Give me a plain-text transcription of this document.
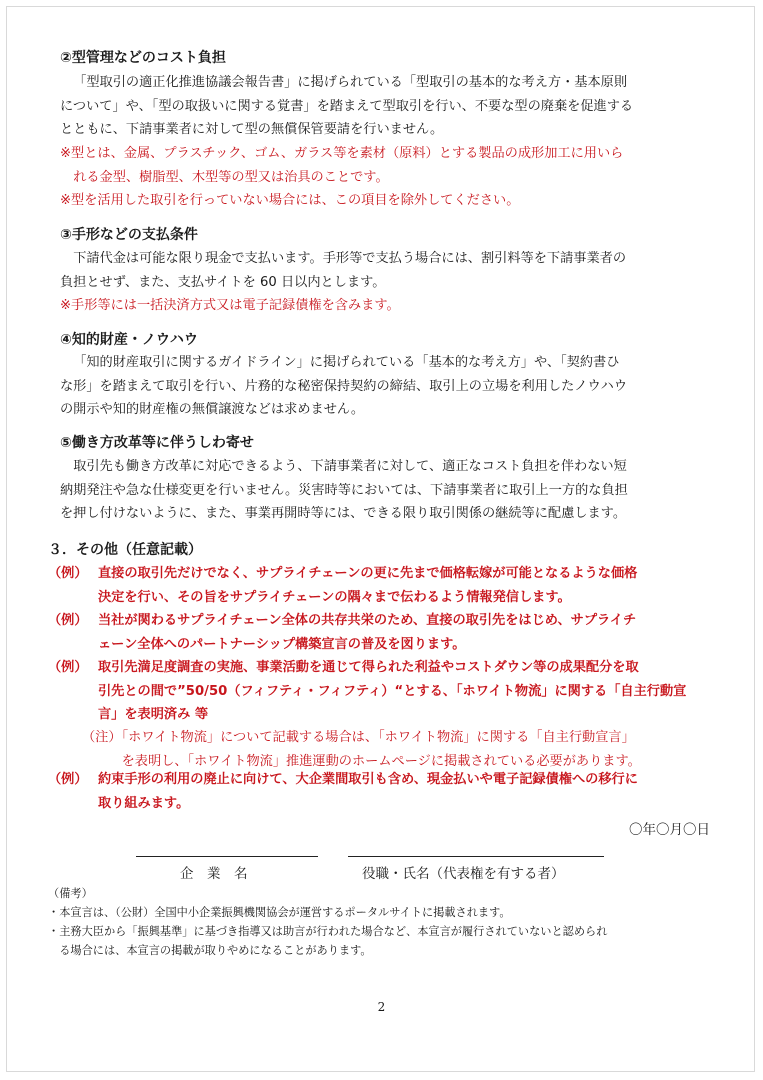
②型管理などのコスト負担
「型取引の適正化推進協議会報告書」に掲げられている「型取引の基本的な考え方・基本原則
について」や、「型の取扱いに関する覚書」を踏まえて型取引を行い、不要な型の廃棄を促進する
とともに、下請事業者に対して型の無償保管要請を行いません。
※型とは、金属、プラスチック、ゴム、ガラス等を素材（原料）とする製品の成形加工に用いら
れる金型、樹脂型、木型等の型又は治具のことです。
※型を活用した取引を行っていない場合には、この項目を除外してください。
③手形などの支払条件
下請代金は可能な限り現金で支払います。手形等で支払う場合には、割引料等を下請事業者の
負担とせず、また、支払サイトを 60 日以内とします。
※手形等には一括決済方式又は電子記録債権を含みます。
④知的財産・ノウハウ
「知的財産取引に関するガイドライン」に掲げられている「基本的な考え方」や、「契約書ひ
な形」を踏まえて取引を行い、片務的な秘密保持契約の締結、取引上の立場を利用したノウハウ
の開示や知的財産権の無償譲渡などは求めません。
⑤働き方改革等に伴うしわ寄せ
取引先も働き方改革に対応できるよう、下請事業者に対して、適正なコスト負担を伴わない短
納期発注や急な仕様変更を行いません。災害時等においては、下請事業者に取引上一方的な負担
を押し付けないように、また、事業再開時等には、できる限り取引関係の継続等に配慮します。
３．その他（任意記載）
（例） 直接の取引先だけでなく、サプライチェーンの更に先まで価格転嫁が可能となるような価格
決定を行い、その旨をサプライチェーンの隅々まで伝わるよう情報発信します。
（例） 当社が関わるサプライチェーン全体の共存共栄のため、直接の取引先をはじめ、サプライチ
ェーン全体へのパートナーシップ構築宣言の普及を図ります。
（例） 取引先満足度調査の実施、事業活動を通じて得られた利益やコストダウン等の成果配分を取
引先との間で”50/50（フィフティ・フィフティ）“とする、「ホワイト物流」に関する「自主行動宣
言」を表明済み 等
（注）「ホワイト物流」について記載する場合は、「ホワイト物流」に関する「自主行動宣言」
を表明し、「ホワイト物流」推進運動のホームページに掲載されている必要があります。
（例） 約束手形の利用の廃止に向けて、大企業間取引も含め、現金払いや電子記録債権への移行に
取り組みます。
〇年〇月〇日
企　業　名	役職・氏名（代表権を有する者）
（備考）
・本宣言は、（公財）全国中小企業振興機関協会が運営するポータルサイトに掲載されます。
・主務大臣から「振興基準」に基づき指導又は助言が行われた場合など、本宣言が履行されていないと認められ
　る場合には、本宣言の掲載が取りやめになることがあります。
2
